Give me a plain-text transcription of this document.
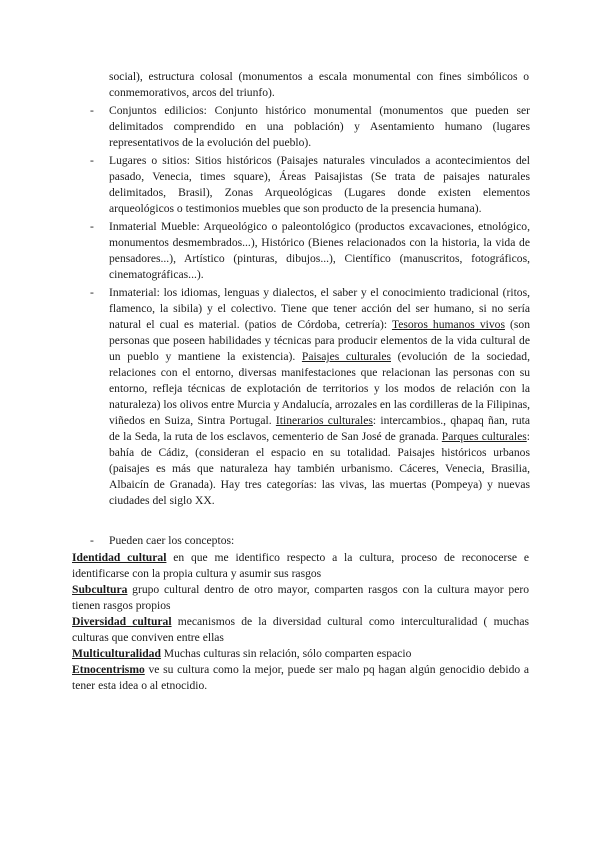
social), estructura colosal (monumentos a escala monumental con fines simbólicos o conmemorativos, arcos del triunfo).

- Conjuntos edilicios: Conjunto histórico monumental (monumentos que pueden ser delimitados comprendido en una población) y Asentamiento humano (lugares representativos de la evolución del pueblo).

- Lugares o sitios: Sitios históricos (Paisajes naturales vinculados a acontecimientos del pasado, Venecia, times square), Áreas Paisajistas (Se trata de paisajes naturales delimitados, Brasil), Zonas Arqueológicas (Lugares donde existen elementos arqueológicos o testimonios muebles que son producto de la presencia humana).

- Inmaterial Mueble: Arqueológico o paleontológico (productos excavaciones, etnológico, monumentos desmembrados...), Histórico (Bienes relacionados con la historia, la vida de pensadores...), Artístico (pinturas, dibujos...), Científico (manuscritos, fotográficos, cinematográficas...).

- Inmaterial: los idiomas, lenguas y dialectos, el saber y el conocimiento tradicional (ritos, flamenco, la sibila) y el colectivo. Tiene que tener acción del ser humano, si no sería natural el cual es material. (patios de Córdoba, cetrería): Tesoros humanos vivos (son personas que poseen habilidades y técnicas para producir elementos de la vida cultural de un pueblo y mantiene la existencia). Paisajes culturales (evolución de la sociedad, relaciones con el entorno, diversas manifestaciones que relacionan las personas con su entorno, refleja técnicas de explotación de territorios y los modos de relación con la naturaleza) los olivos entre Murcia y Andalucía, arrozales en las cordilleras de la Filipinas, viñedos en Suiza, Sintra Portugal. Itinerarios culturales: intercambios., qhapaq ñan, ruta de la Seda, la ruta de los esclavos, cementerio de San José de granada. Parques culturales: bahía de Cádiz, (consideran el espacio en su totalidad. Paisajes históricos urbanos (paisajes es más que naturaleza hay también urbanismo. Cáceres, Venecia, Brasilia, Albaicín de Granada). Hay tres categorías: las vivas, las muertas (Pompeya) y nuevas ciudades del siglo XX.

- Pueden caer los conceptos:

Identidad cultural en que me identifico respecto a la cultura, proceso de reconocerse e identificarse con la propia cultura y asumir sus rasgos

Subcultura grupo cultural dentro de otro mayor, comparten rasgos con la cultura mayor pero tienen rasgos propios

Diversidad cultural mecanismos de la diversidad cultural como interculturalidad ( muchas culturas que conviven entre ellas

Multiculturalidad Muchas culturas sin relación, sólo comparten espacio

Etnocentrismo ve su cultura como la mejor, puede ser malo pq hagan algún genocidio debido a tener esta idea o al etnocidio.
